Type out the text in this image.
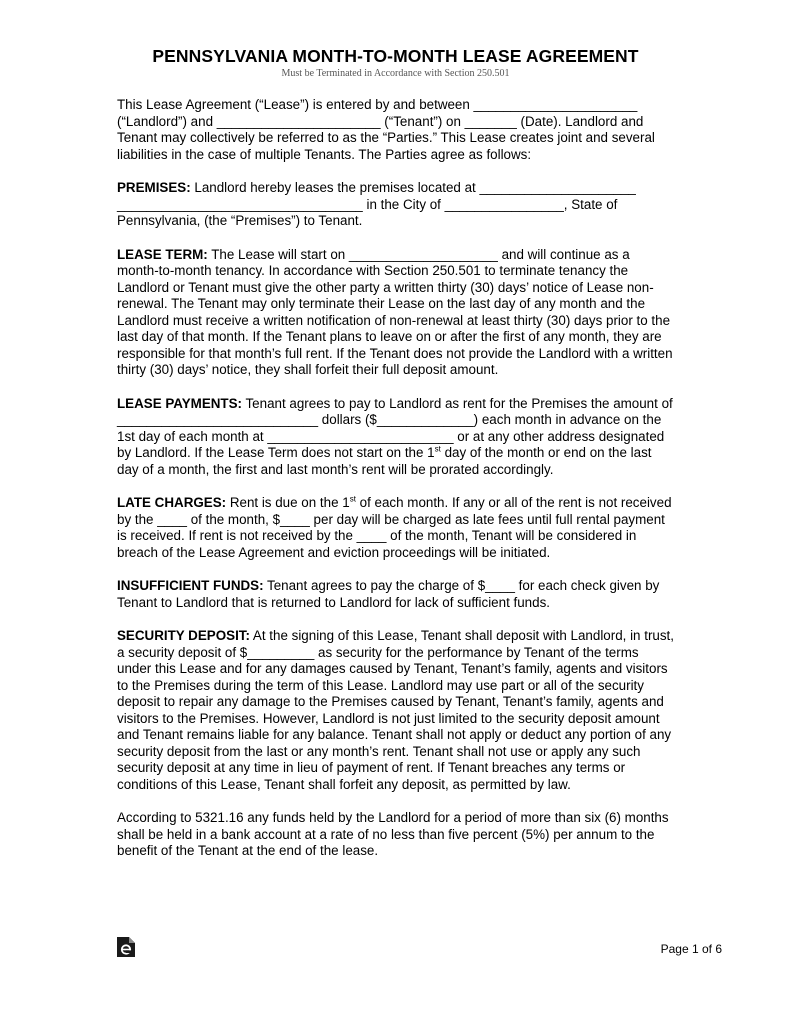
PENNSYLVANIA MONTH-TO-MONTH LEASE AGREEMENT
Must be Terminated in Accordance with Section 250.501

This Lease Agreement (“Lease”) is entered by and between ______________________ (“Landlord”) and ______________________ (“Tenant”) on _______ (Date). Landlord and Tenant may collectively be referred to as the “Parties.” This Lease creates joint and several liabilities in the case of multiple Tenants. The Parties agree as follows:

PREMISES: Landlord hereby leases the premises located at _____________________ _________________________________ in the City of ________________, State of Pennsylvania, (the “Premises”) to Tenant.

LEASE TERM: The Lease will start on ____________________ and will continue as a month-to-month tenancy. In accordance with Section 250.501 to terminate tenancy the Landlord or Tenant must give the other party a written thirty (30) days’ notice of Lease non-renewal. The Tenant may only terminate their Lease on the last day of any month and the Landlord must receive a written notification of non-renewal at least thirty (30) days prior to the last day of that month. If the Tenant plans to leave on or after the first of any month, they are responsible for that month’s full rent. If the Tenant does not provide the Landlord with a written thirty (30) days’ notice, they shall forfeit their full deposit amount.

LEASE PAYMENTS: Tenant agrees to pay to Landlord as rent for the Premises the amount of ___________________________ dollars ($_____________) each month in advance on the 1st day of each month at _________________________ or at any other address designated by Landlord. If the Lease Term does not start on the 1st day of the month or end on the last day of a month, the first and last month’s rent will be prorated accordingly.

LATE CHARGES: Rent is due on the 1st of each month. If any or all of the rent is not received by the ____ of the month, $____ per day will be charged as late fees until full rental payment is received. If rent is not received by the ____ of the month, Tenant will be considered in breach of the Lease Agreement and eviction proceedings will be initiated.

INSUFFICIENT FUNDS: Tenant agrees to pay the charge of $____ for each check given by Tenant to Landlord that is returned to Landlord for lack of sufficient funds.

SECURITY DEPOSIT: At the signing of this Lease, Tenant shall deposit with Landlord, in trust, a security deposit of $_________ as security for the performance by Tenant of the terms under this Lease and for any damages caused by Tenant, Tenant’s family, agents and visitors to the Premises during the term of this Lease. Landlord may use part or all of the security deposit to repair any damage to the Premises caused by Tenant, Tenant’s family, agents and visitors to the Premises. However, Landlord is not just limited to the security deposit amount and Tenant remains liable for any balance. Tenant shall not apply or deduct any portion of any security deposit from the last or any month’s rent. Tenant shall not use or apply any such security deposit at any time in lieu of payment of rent. If Tenant breaches any terms or conditions of this Lease, Tenant shall forfeit any deposit, as permitted by law.

According to 5321.16 any funds held by the Landlord for a period of more than six (6) months shall be held in a bank account at a rate of no less than five percent (5%) per annum to the benefit of the Tenant at the end of the lease.

Page 1 of 6
